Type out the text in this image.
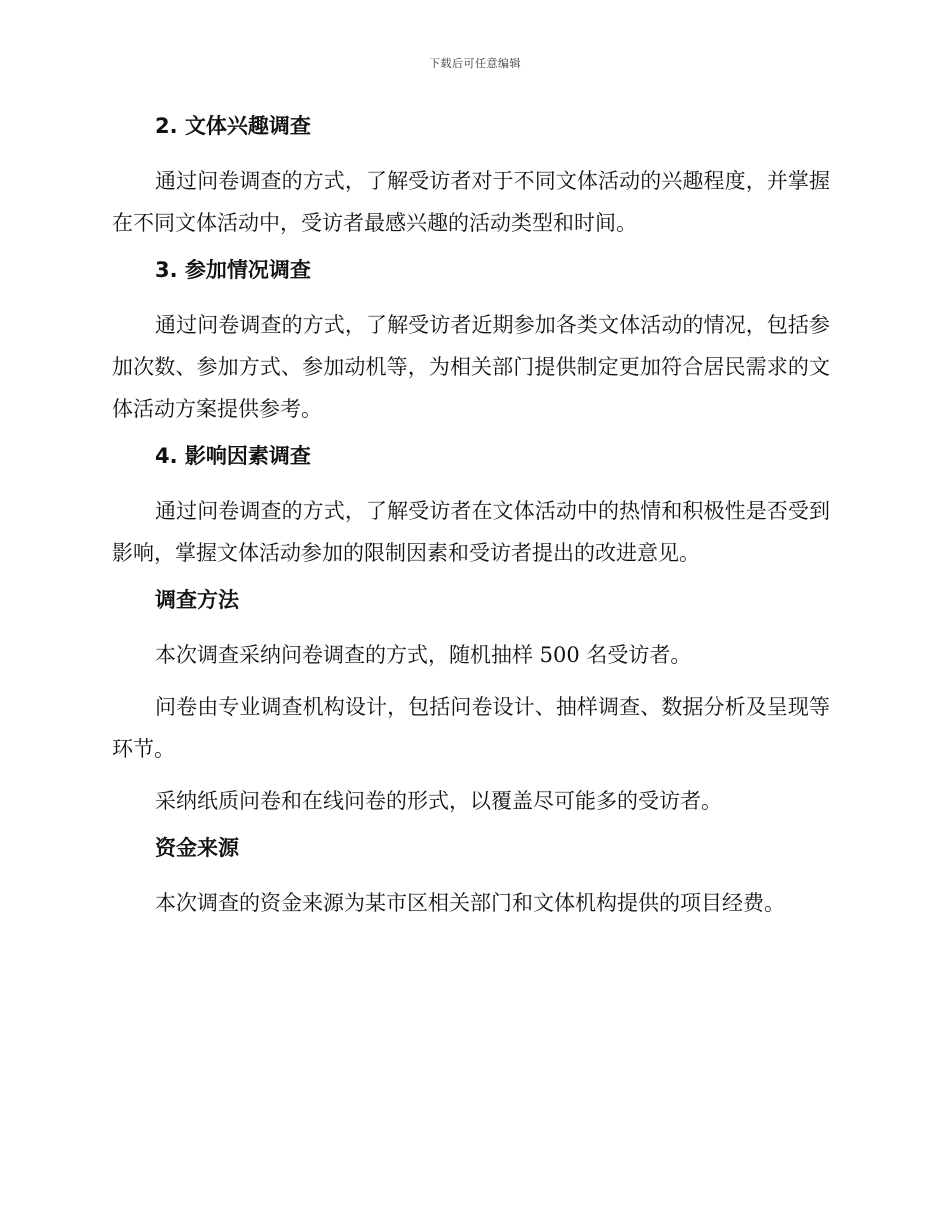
下载后可任意编辑
2. 文体兴趣调查

通过问卷调查的方式，了解受访者对于不同文体活动的兴趣程度，并掌握在不同文体活动中，受访者最感兴趣的活动类型和时间。

3. 参加情况调查

通过问卷调查的方式，了解受访者近期参加各类文体活动的情况，包括参加次数、参加方式、参加动机等，为相关部门提供制定更加符合居民需求的文体活动方案提供参考。

4. 影响因素调查

通过问卷调查的方式，了解受访者在文体活动中的热情和积极性是否受到影响，掌握文体活动参加的限制因素和受访者提出的改进意见。

调查方法

本次调查采纳问卷调查的方式，随机抽样 500 名受访者。

问卷由专业调查机构设计，包括问卷设计、抽样调查、数据分析及呈现等环节。

采纳纸质问卷和在线问卷的形式，以覆盖尽可能多的受访者。

资金来源

本次调查的资金来源为某市区相关部门和文体机构提供的项目经费。
